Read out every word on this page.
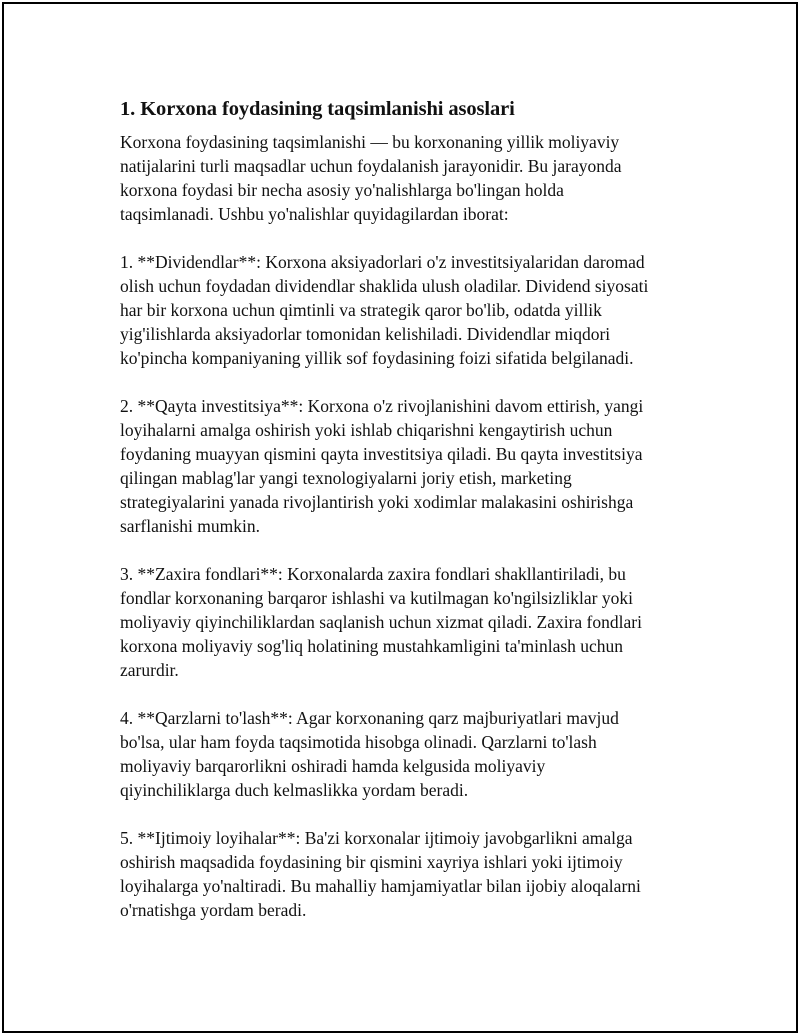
1. Korxona foydasining taqsimlanishi asoslari

Korxona foydasining taqsimlanishi — bu korxonaning yillik moliyaviy
natijalarini turli maqsadlar uchun foydalanish jarayonidir. Bu jarayonda
korxona foydasi bir necha asosiy yo'nalishlarga bo'lingan holda
taqsimlanadi. Ushbu yo'nalishlar quyidagilardan iborat:

1. **Dividendlar**: Korxona aksiyadorlari o'z investitsiyalaridan daromad
olish uchun foydadan dividendlar shaklida ulush oladilar. Dividend siyosati
har bir korxona uchun qimtinli va strategik qaror bo'lib, odatda yillik
yig'ilishlarda aksiyadorlar tomonidan kelishiladi. Dividendlar miqdori
ko'pincha kompaniyaning yillik sof foydasining foizi sifatida belgilanadi.

2. **Qayta investitsiya**: Korxona o'z rivojlanishini davom ettirish, yangi
loyihalarni amalga oshirish yoki ishlab chiqarishni kengaytirish uchun
foydaning muayyan qismini qayta investitsiya qiladi. Bu qayta investitsiya
qilingan mablag'lar yangi texnologiyalarni joriy etish, marketing
strategiyalarini yanada rivojlantirish yoki xodimlar malakasini oshirishga
sarflanishi mumkin.

3. **Zaxira fondlari**: Korxonalarda zaxira fondlari shakllantiriladi, bu
fondlar korxonaning barqaror ishlashi va kutilmagan ko'ngilsizliklar yoki
moliyaviy qiyinchiliklardan saqlanish uchun xizmat qiladi. Zaxira fondlari
korxona moliyaviy sog'liq holatining mustahkamligini ta'minlash uchun
zarurdir.

4. **Qarzlarni to'lash**: Agar korxonaning qarz majburiyatlari mavjud
bo'lsa, ular ham foyda taqsimotida hisobga olinadi. Qarzlarni to'lash
moliyaviy barqarorlikni oshiradi hamda kelgusida moliyaviy
qiyinchiliklarga duch kelmaslikka yordam beradi.

5. **Ijtimoiy loyihalar**: Ba'zi korxonalar ijtimoiy javobgarlikni amalga
oshirish maqsadida foydasining bir qismini xayriya ishlari yoki ijtimoiy
loyihalarga yo'naltiradi. Bu mahalliy hamjamiyatlar bilan ijobiy aloqalarni
o'rnatishga yordam beradi.
